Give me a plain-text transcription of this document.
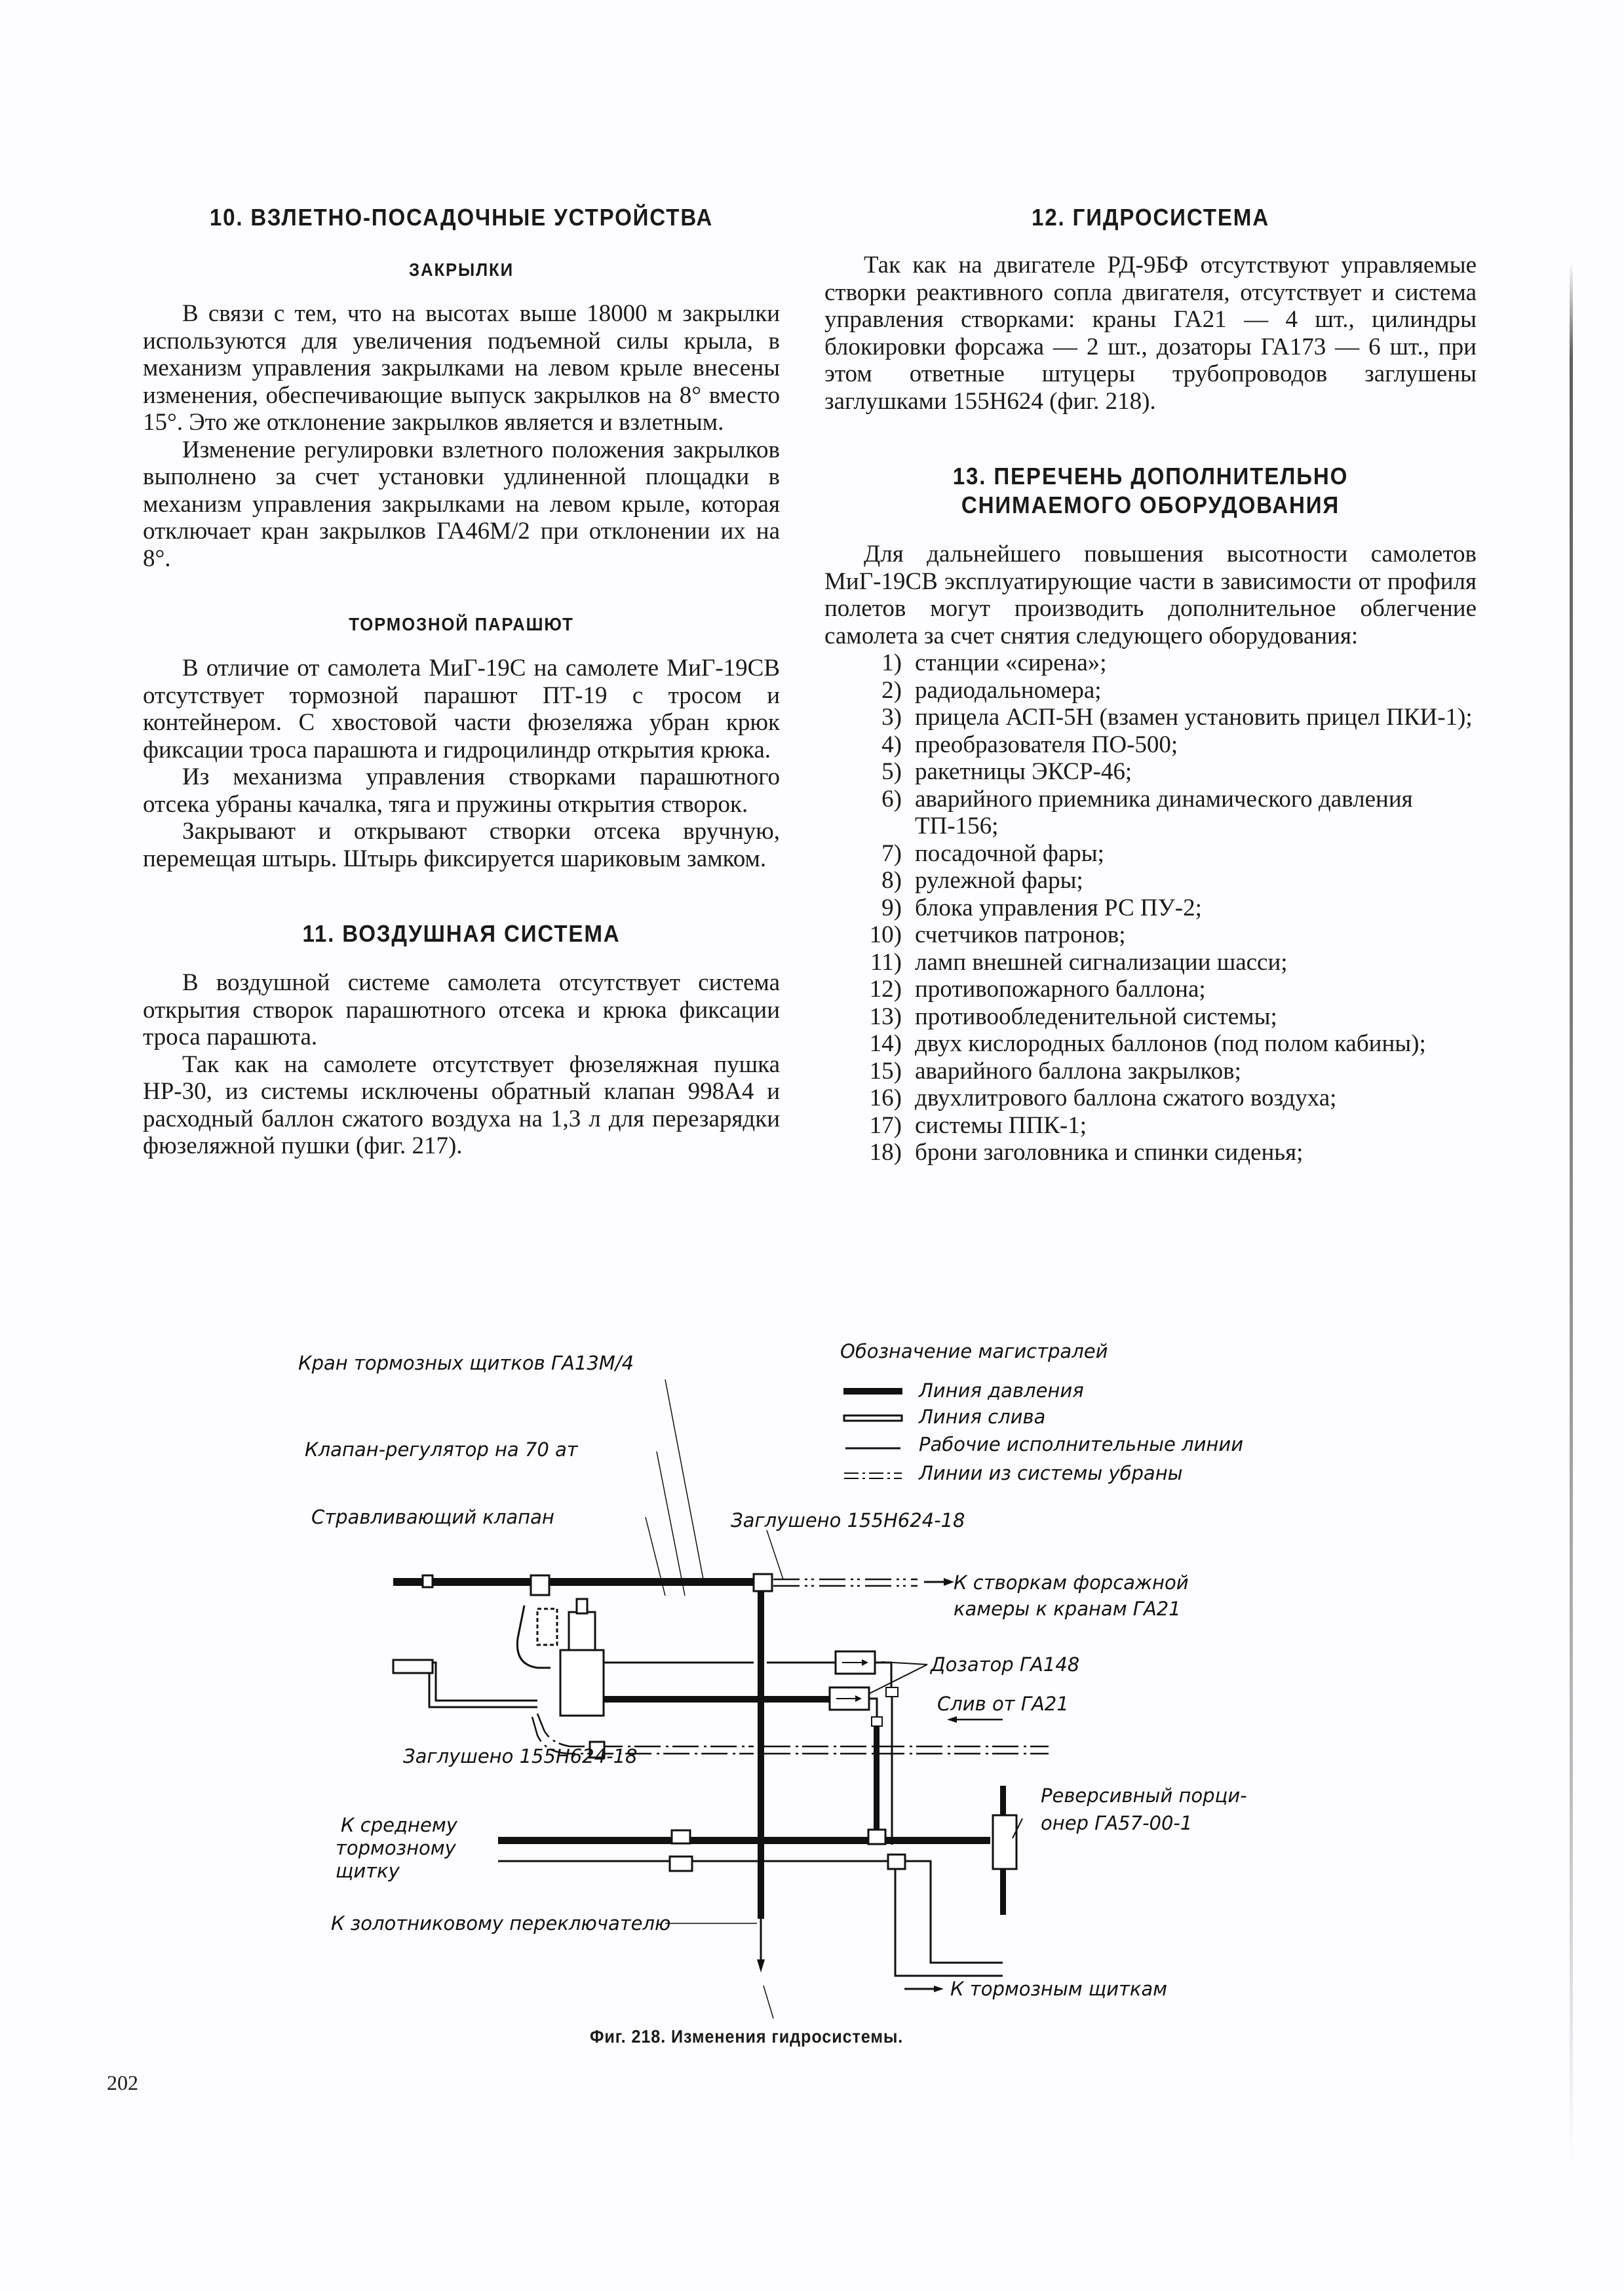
10. ВЗЛЕТНО-ПОСАДОЧНЫЕ УСТРОЙСТВА
ЗАКРЫЛКИ

В связи с тем, что на высотах выше 18000 м закрылки используются для увеличения подъемной силы крыла, в механизм управления закрылками на левом крыле внесены изменения, обеспечивающие выпуск закрылков на 8° вместо 15°. Это же отклонение закрылков является и взлетным.

Изменение регулировки взлетного положения закрылков выполнено за счет установки удлиненной площадки в механизм управления закрылками на левом крыле, которая отключает кран закрылков ГА46М/2 при отклонении их на 8°.

ТОРМОЗНОЙ ПАРАШЮТ

В отличие от самолета МиГ-19С на самолете МиГ-19СВ отсутствует тормозной парашют ПТ-19 с тросом и контейнером. С хвостовой части фюзеляжа убран крюк фиксации троса парашюта и гидроцилиндр открытия крюка.

Из механизма управления створками парашютного отсека убраны качалка, тяга и пружины открытия створок.

Закрывают и открывают створки отсека вручную, перемещая штырь. Штырь фиксируется шариковым замком.

11. ВОЗДУШНАЯ СИСТЕМА

В воздушной системе самолета отсутствует система открытия створок парашютного отсека и крюка фиксации троса парашюта.

Так как на самолете отсутствует фюзеляжная пушка НР-30, из системы исключены обратный клапан 998А4 и расходный баллон сжатого воздуха на 1,3 л для перезарядки фюзеляжной пушки (фиг. 217).

12. ГИДРОСИСТЕМА

Так как на двигателе РД-9БФ отсутствуют управляемые створки реактивного сопла двигателя, отсутствует и система управления створками: краны ГА21 — 4 шт., цилиндры блокировки форсажа — 2 шт., дозаторы ГА173 — 6 шт., при этом ответные штуцеры трубопроводов заглушены заглушками 155Н624 (фиг. 218).

13. ПЕРЕЧЕНЬ ДОПОЛНИТЕЛЬНО
СНИМАЕМОГО ОБОРУДОВАНИЯ

Для дальнейшего повышения высотности самолетов МиГ-19СВ эксплуатирующие части в зависимости от профиля полетов могут производить дополнительное облегчение самолета за счет снятия следующего оборудования:

1) станции «сирена»;
2) радиодальномера;
3) прицела АСП-5Н (взамен установить прицел ПКИ-1);
4) преобразователя ПО-500;
5) ракетницы ЭКСР-46;
6) аварийного приемника динамического давления ТП-156;
7) посадочной фары;
8) рулежной фары;
9) блока управления РС ПУ-2;
10) счетчиков патронов;
11) ламп внешней сигнализации шасси;
12) противопожарного баллона;
13) противообледенительной системы;
14) двух кислородных баллонов (под полом кабины);
15) аварийного баллона закрылков;
16) двухлитрового баллона сжатого воздуха;
17) системы ППК-1;
18) брони заголовника и спинки сиденья;
Кран тормозных щитков ГА13М/4
Клапан-регулятор на 70 ат
Стравливающий клапан	Заглушено 155Н624-18
К створкам форсажной
камеры к кранам ГА21
Дозатор ГА148
Слив от ГА21
Заглушено 155Н624-18
К среднему
тормозному
щитку
Реверсивный порци-
онер ГА57-00-1
К золотниковому переключателю
К тормозным щиткам
Обозначение магистралей
Линия давления
Линия слива
Рабочие исполнительные линии
Линии из системы убраны
Фиг. 218. Изменения гидросистемы.
202
